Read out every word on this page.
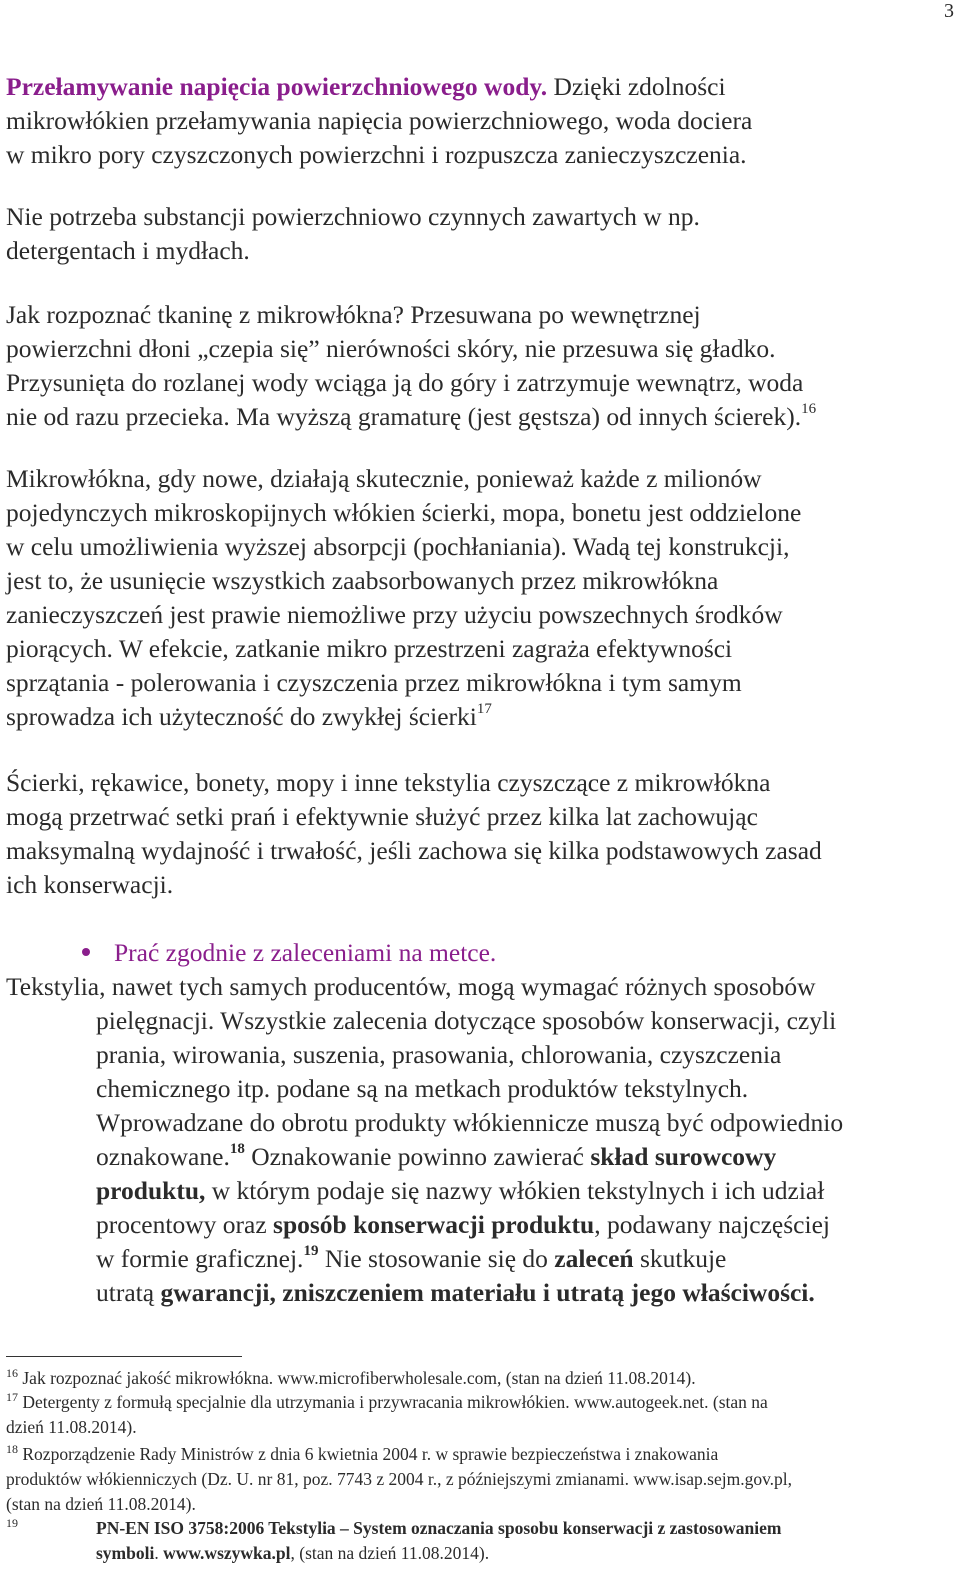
3
Przełamywanie napięcia powierzchniowego wody. Dzięki zdolności
mikrowłókien przełamywania napięcia powierzchniowego, woda dociera
w mikro pory czyszczonych powierzchni i rozpuszcza zanieczyszczenia.
Nie potrzeba substancji powierzchniowo czynnych zawartych w np.
detergentach i mydłach.
Jak rozpoznać tkaninę z mikrowłókna? Przesuwana po wewnętrznej
powierzchni dłoni „czepia się” nierówności skóry, nie przesuwa się gładko.
Przysunięta do rozlanej wody wciąga ją do góry i zatrzymuje wewnątrz, woda
nie od razu przecieka. Ma wyższą gramaturę (jest gęstsza) od innych ścierek).$^{16}$
Mikrowłókna, gdy nowe, działają skutecznie, ponieważ każde z milionów
pojedynczych mikroskopijnych włókien ścierki, mopa, bonetu jest oddzielone
w celu umożliwienia wyższej absorpcji (pochłaniania). Wadą tej konstrukcji,
jest to, że usunięcie wszystkich zaabsorbowanych przez mikrowłókna
zanieczyszczeń jest prawie niemożliwe przy użyciu powszechnych środków
piorących. W efekcie, zatkanie mikro przestrzeni zagraża efektywności
sprzątania - polerowania i czyszczenia przez mikrowłókna i tym samym
sprowadza ich użyteczność do zwykłej ścierki$^{17}$
Ścierki, rękawice, bonety, mopy i inne tekstylia czyszczące z mikrowłókna
mogą przetrwać setki prań i efektywnie służyć przez kilka lat zachowując
maksymalną wydajność i trwałość, jeśli zachowa się kilka podstawowych zasad
ich konserwacji.
Prać zgodnie z zaleceniami na metce.
Tekstylia, nawet tych samych producentów, mogą wymagać różnych sposobów
pielęgnacji. Wszystkie zalecenia dotyczące sposobów konserwacji, czyli
prania, wirowania, suszenia, prasowania, chlorowania, czyszczenia
chemicznego itp. podane są na metkach produktów tekstylnych.
Wprowadzane do obrotu produkty włókiennicze muszą być odpowiednio
oznakowane.$^{18}$ Oznakowanie powinno zawierać skład surowcowy
produktu, w którym podaje się nazwy włókien tekstylnych i ich udział
procentowy oraz sposób konserwacji produktu, podawany najczęściej
w formie graficznej.$^{19}$ Nie stosowanie się do zaleceń skutkuje
utratą gwarancji, zniszczeniem materiału i utratą jego właściwości.
$^{16}$ Jak rozpoznać jakość mikrowłókna. www.microfiberwholesale.com, (stan na dzień 11.08.2014).
$^{17}$ Detergenty z formułą specjalnie dla utrzymania i przywracania mikrowłókien. www.autogeek.net. (stan na
dzień 11.08.2014).
$^{18}$ Rozporządzenie Rady Ministrów z dnia 6 kwietnia 2004 r. w sprawie bezpieczeństwa i znakowania
produktów włókienniczych (Dz. U. nr 81, poz. 7743 z 2004 r., z późniejszymi zmianami. www.isap.sejm.gov.pl,
(stan na dzień 11.08.2014).
$^{19}$	PN-EN ISO 3758:2006 Tekstylia – System oznaczania sposobu konserwacji z zastosowaniem
symboli. www.wszywka.pl, (stan na dzień 11.08.2014).
